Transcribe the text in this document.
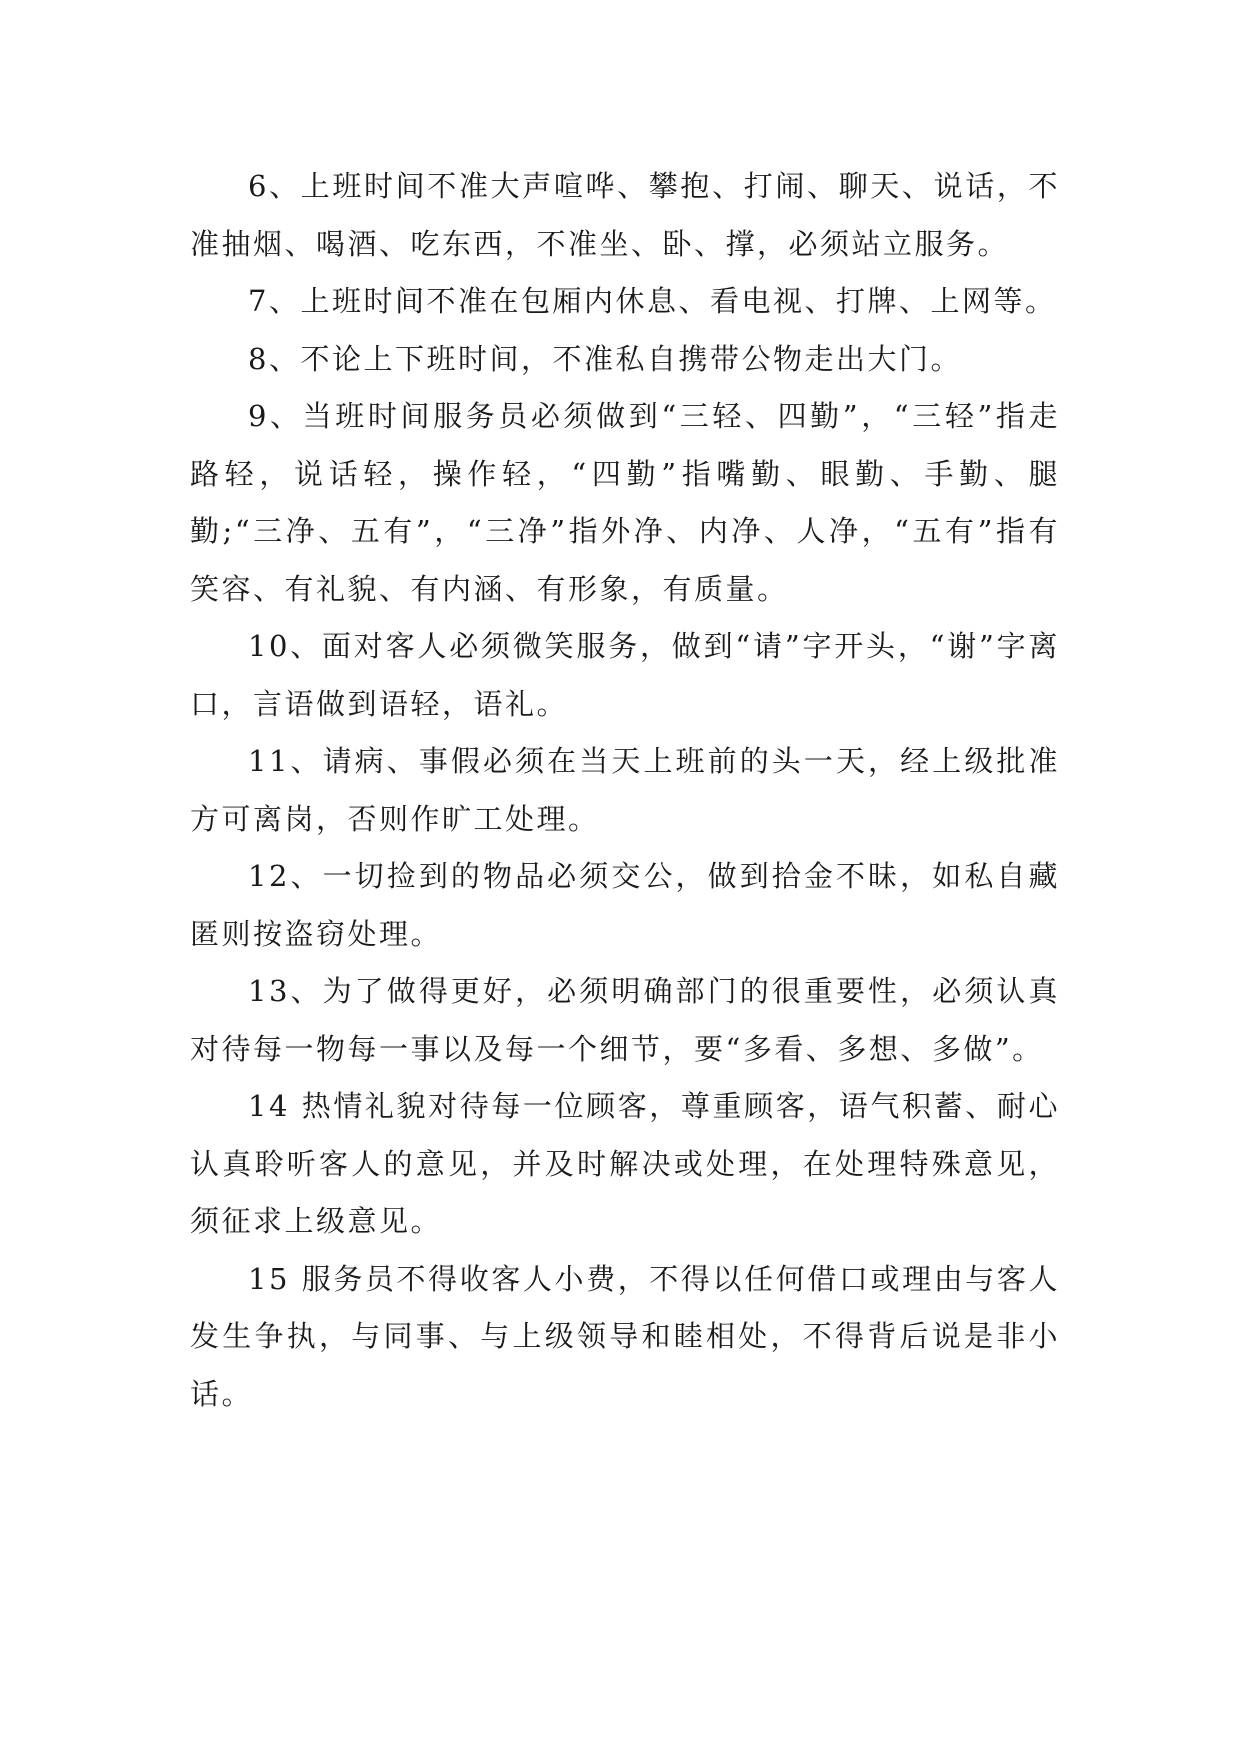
6、上班时间不准大声喧哗、攀抱、打闹、聊天、说话，不准抽烟、喝酒、吃东西，不准坐、卧、撑，必须站立服务。

7、上班时间不准在包厢内休息、看电视、打牌、上网等。

8、不论上下班时间，不准私自携带公物走出大门。

9、当班时间服务员必须做到“三轻、四勤”，“三轻”指走路轻，说话轻，操作轻，“四勤”指嘴勤、眼勤、手勤、腿勤;“三净、五有”，“三净”指外净、内净、人净，“五有”指有笑容、有礼貌、有内涵、有形象，有质量。

10、面对客人必须微笑服务，做到“请”字开头，“谢”字离口，言语做到语轻，语礼。

11、请病、事假必须在当天上班前的头一天，经上级批准方可离岗，否则作旷工处理。

12、一切捡到的物品必须交公，做到拾金不昧，如私自藏匿则按盗窃处理。

13、为了做得更好，必须明确部门的很重要性，必须认真对待每一物每一事以及每一个细节，要“多看、多想、多做”。

14 热情礼貌对待每一位顾客，尊重顾客，语气积蓄、耐心认真聆听客人的意见，并及时解决或处理，在处理特殊意见，须征求上级意见。

15 服务员不得收客人小费，不得以任何借口或理由与客人发生争执，与同事、与上级领导和睦相处，不得背后说是非小话。
